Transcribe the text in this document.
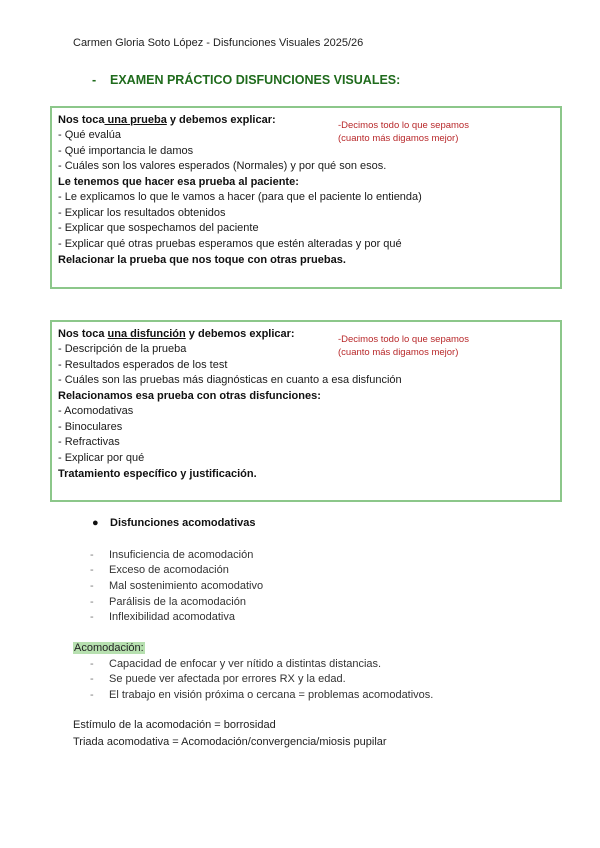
Carmen Gloria Soto López - Disfunciones Visuales 2025/26
- EXAMEN PRÁCTICO DISFUNCIONES VISUALES:
Nos toca una prueba y debemos explicar:
- Qué evalúa
- Qué importancia le damos
- Cuáles son los valores esperados (Normales) y por qué son esos.
Le tenemos que hacer esa prueba al paciente:
- Le explicamos lo que le vamos a hacer (para que el paciente lo entienda)
- Explicar los resultados obtenidos
- Explicar que sospechamos del paciente
- Explicar qué otras pruebas esperamos que estén alteradas y por qué
Relacionar la prueba que nos toque con otras pruebas.
-Decimos todo lo que sepamos
(cuanto más digamos mejor)
Nos toca una disfunción y debemos explicar:
- Descripción de la prueba
- Resultados esperados de los test
- Cuáles son las pruebas más diagnósticas en cuanto a esa disfunción
Relacionamos esa prueba con otras disfunciones:
- Acomodativas
- Binoculares
- Refractivas
- Explicar por qué
Tratamiento específico y justificación.
-Decimos todo lo que sepamos
(cuanto más digamos mejor)
● Disfunciones acomodativas
- Insuficiencia de acomodación
- Exceso de acomodación
- Mal sostenimiento acomodativo
- Parálisis de la acomodación
- Inflexibilidad acomodativa
Acomodación:
- Capacidad de enfocar y ver nítido a distintas distancias.
- Se puede ver afectada por errores RX y la edad.
- El trabajo en visión próxima o cercana = problemas acomodativos.
Estímulo de la acomodación = borrosidad
Triada acomodativa = Acomodación/convergencia/miosis pupilar
